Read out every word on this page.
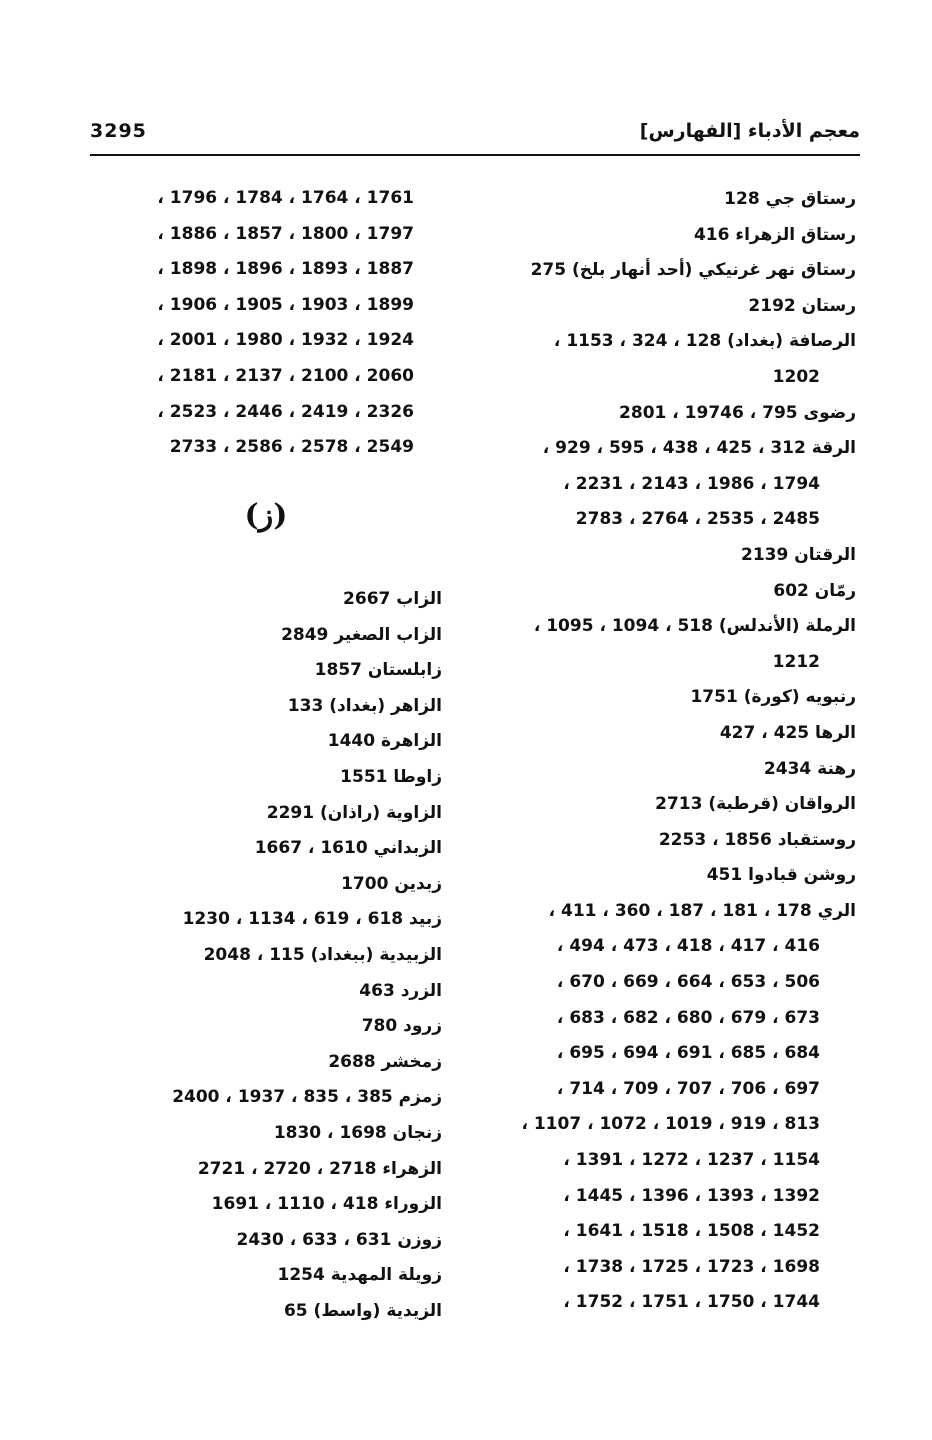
3295	معجم الأدباء [الفهارس]
رستاق جي 128
رستاق الزهراء 416
رستاق نهر غرنيكي (أحد أنهار بلخ) 275
رستان 2192
الرصافة (بغداد) 128 ، 324 ، 1153 ،
1202
رضوى 795 ، 19746 ، 2801
الرقة 312 ، 425 ، 438 ، 595 ، 929 ،
1794 ، 1986 ، 2143 ، 2231 ،
2485 ، 2535 ، 2764 ، 2783
الرقتان 2139
رمّان 602
الرملة (الأندلس) 518 ، 1094 ، 1095 ،
1212
رنبويه (كورة) 1751
الرها 425 ، 427
رهنة 2434
الرواقان (قرطبة) 2713
روستقباد 1856 ، 2253
روشن قبادوا 451
الري 178 ، 181 ، 187 ، 360 ، 411 ،
416 ، 417 ، 418 ، 473 ، 494 ،
506 ، 653 ، 664 ، 669 ، 670 ،
673 ، 679 ، 680 ، 682 ، 683 ،
684 ، 685 ، 691 ، 694 ، 695 ،
697 ، 706 ، 707 ، 709 ، 714 ،
813 ، 919 ، 1019 ، 1072 ، 1107 ،
1154 ، 1237 ، 1272 ، 1391 ،
1392 ، 1393 ، 1396 ، 1445 ،
1452 ، 1508 ، 1518 ، 1641 ،
1698 ، 1723 ، 1725 ، 1738 ،
1744 ، 1750 ، 1751 ، 1752 ،
1761 ، 1764 ، 1784 ، 1796 ،
1797 ، 1800 ، 1857 ، 1886 ،
1887 ، 1893 ، 1896 ، 1898 ،
1899 ، 1903 ، 1905 ، 1906 ،
1924 ، 1932 ، 1980 ، 2001 ،
2060 ، 2100 ، 2137 ، 2181 ،
2326 ، 2419 ، 2446 ، 2523 ،
2549 ، 2578 ، 2586 ، 2733
(ز)
الزاب 2667
الزاب الصغير 2849
زابلستان 1857
الزاهر (بغداد) 133
الزاهرة 1440
زاوطا 1551
الزاوية (راذان) 2291
الزبداني 1610 ، 1667
زبدين 1700
زبيد 618 ، 619 ، 1134 ، 1230
الزبيدية (ببغداد) 115 ، 2048
الزرد 463
زرود 780
زمخشر 2688
زمزم 385 ، 835 ، 1937 ، 2400
زنجان 1698 ، 1830
الزهراء 2718 ، 2720 ، 2721
الزوراء 418 ، 1110 ، 1691
زوزن 631 ، 633 ، 2430
زويلة المهدية 1254
الزيدية (واسط) 65
